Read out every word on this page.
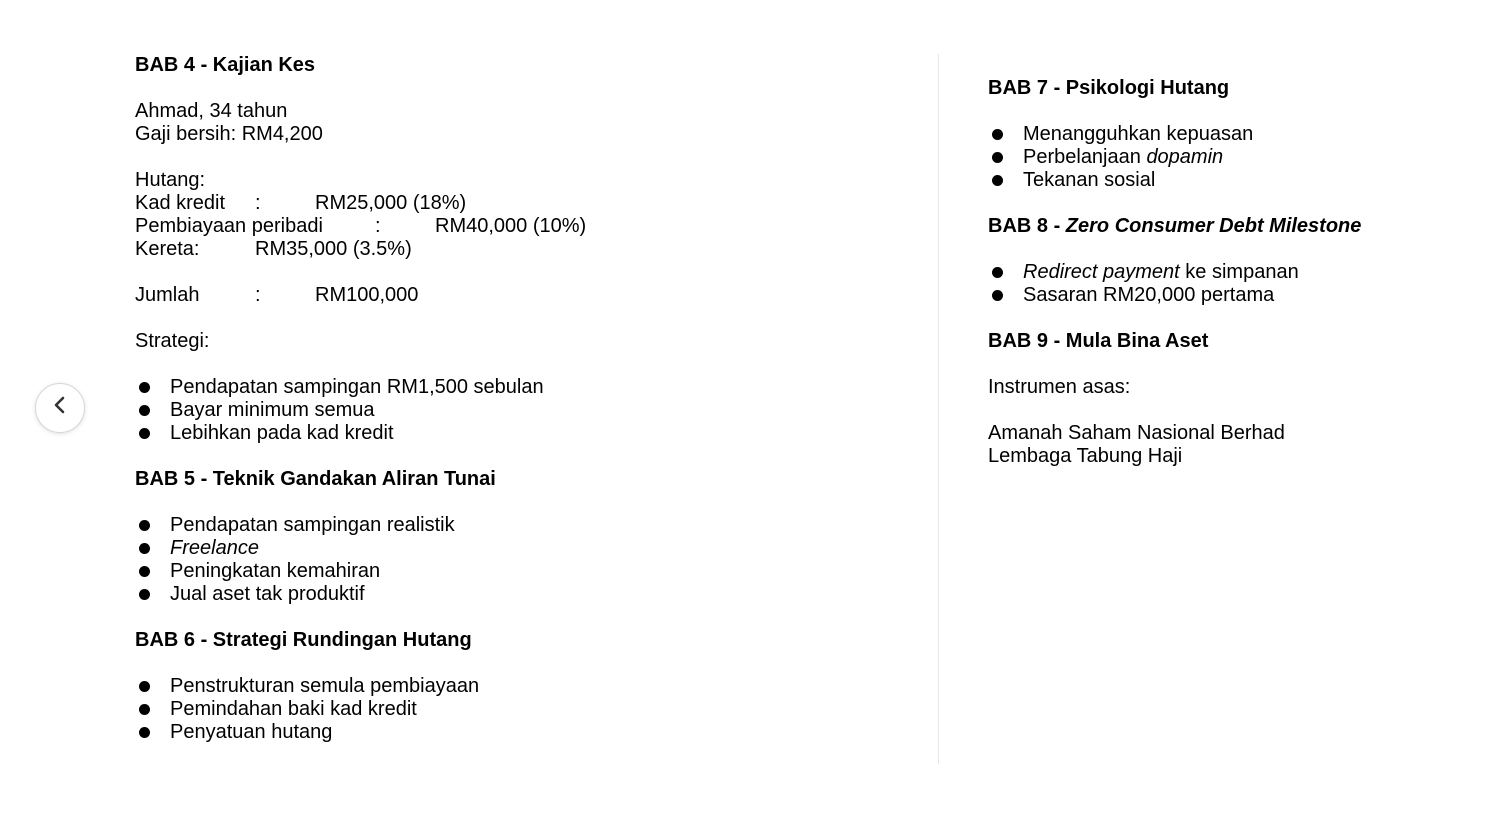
BAB 4 - Kajian Kes
Ahmad, 34 tahun
Gaji bersih: RM4,200
Hutang:
Kad kredit :	RM25,000 (18%)
Pembiayaan peribadi	:	RM40,000 (10%)
Kereta:	RM35,000 (3.5%)
Jumlah	:	RM100,000
Strategi:
Pendapatan sampingan RM1,500 sebulan
Bayar minimum semua
Lebihkan pada kad kredit
BAB 5 - Teknik Gandakan Aliran Tunai
Pendapatan sampingan realistik
Freelance
Peningkatan kemahiran
Jual aset tak produktif
BAB 6 - Strategi Rundingan Hutang
Penstrukturan semula pembiayaan
Pemindahan baki kad kredit
Penyatuan hutang
BAB 7 - Psikologi Hutang
Menangguhkan kepuasan
Perbelanjaan dopamin
Tekanan sosial
BAB 8 - Zero Consumer Debt Milestone
Redirect payment ke simpanan
Sasaran RM20,000 pertama
BAB 9 - Mula Bina Aset
Instrumen asas:
Amanah Saham Nasional Berhad
Lembaga Tabung Haji
